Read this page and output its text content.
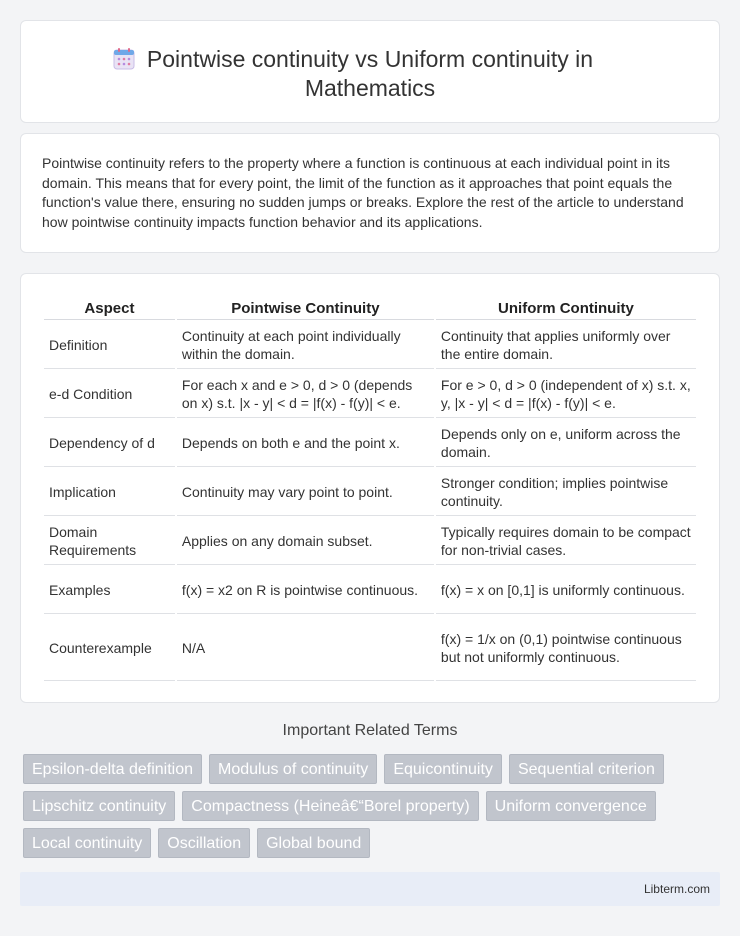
Pointwise continuity vs Uniform continuity in Mathematics

Pointwise continuity refers to the property where a function is continuous at each individual point in its domain. This means that for every point, the limit of the function as it approaches that point equals the function's value there, ensuring no sudden jumps or breaks. Explore the rest of the article to understand how pointwise continuity impacts function behavior and its applications.

Aspect	Pointwise Continuity	Uniform Continuity
Definition	Continuity at each point individually within the domain.	Continuity that applies uniformly over the entire domain.
e-d Condition	For each x and e > 0, d > 0 (depends on x) s.t. |x - y| < d = |f(x) - f(y)| < e.	For e > 0, d > 0 (independent of x) s.t. x, y, |x - y| < d = |f(x) - f(y)| < e.
Dependency of d	Depends on both e and the point x.	Depends only on e, uniform across the domain.
Implication	Continuity may vary point to point.	Stronger condition; implies pointwise continuity.
Domain Requirements	Applies on any domain subset.	Typically requires domain to be compact for non-trivial cases.
Examples	f(x) = x2 on R is pointwise continuous.	f(x) = x on [0,1] is uniformly continuous.
Counterexample	N/A	f(x) = 1/x on (0,1) pointwise continuous but not uniformly continuous.
Important Related Terms
Epsilon-delta definition	Modulus of continuity	Equicontinuity	Sequential criterion
Lipschitz continuity	Compactness (Heineâ€“Borel property)	Uniform convergence
Local continuity	Oscillation	Global bound
Libterm.com
